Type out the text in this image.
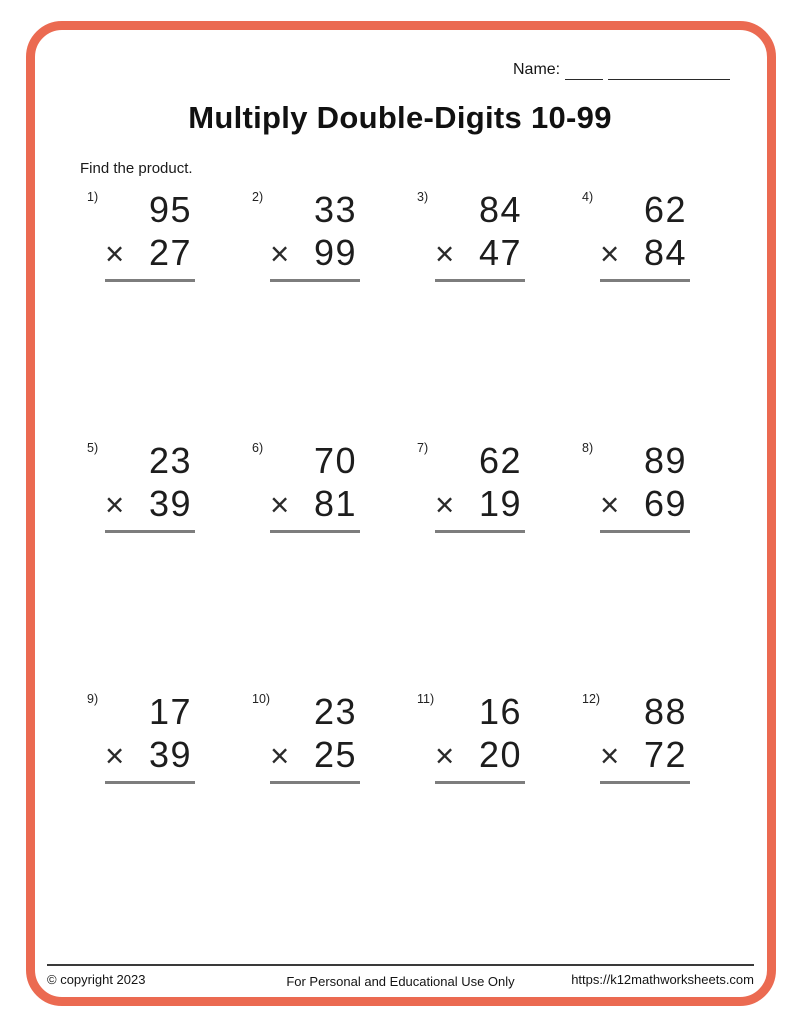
Name:
Multiply Double-Digits 10-99
Find the product.
1)	95
× 27
2)	33
× 99
3)	84
× 47
4)	62
× 84
5)	23
× 39
6)	70
× 81
7)	62
× 19
8)	89
× 69
9)	17
× 39
10)	23
× 25
11)	16
× 20
12)	88
× 72
© copyright 2023	For Personal and Educational Use Only	https://k12mathworksheets.com
